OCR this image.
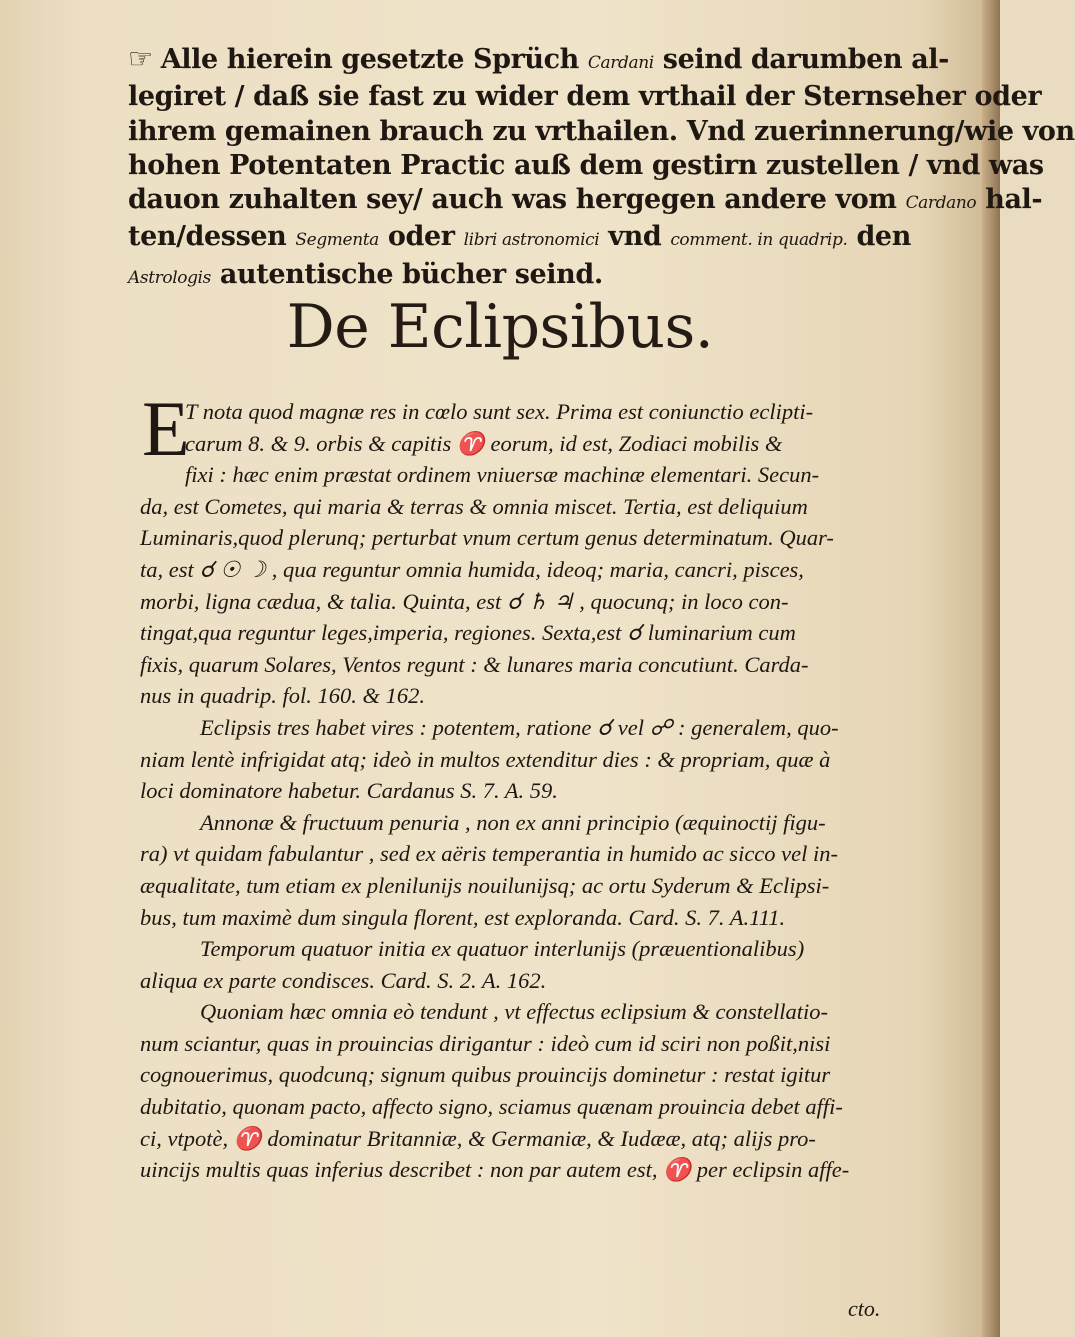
☞ Alle hierein gesetzte Sprüch Cardani seind darumben al-
legiret / daß sie fast zu wider dem vrthail der Sternseher oder
ihrem gemainen brauch zu vrthailen. Vnd zuerinnerung/wie von
hohen Potentaten Practic auß dem gestirn zustellen / vnd was
dauon zuhalten sey/ auch was hergegen andere vom Cardano hal-
ten/dessen Segmenta oder libri astronomici vnd comment. in quadrip. den
Astrologis autentische bücher seind.
De Eclipsibus.
E
T nota quod magnæ res in cœlo sunt sex. Prima est coniunctio eclipti-
carum 8. & 9. orbis & capitis ♈ eorum, id est, Zodiaci mobilis &
fixi : hæc enim præstat ordinem vniuersæ machinæ elementari. Secun-
da, est Cometes, qui maria & terras & omnia miscet. Tertia, est deliquium
Luminaris,quod plerunq; perturbat vnum certum genus determinatum. Quar-
ta, est ☌ ☉ ☽ , qua reguntur omnia humida, ideoq; maria, cancri, pisces,
morbi, ligna cædua, & talia. Quinta, est ☌ ♄ ♃ , quocunq; in loco con-
tingat,qua reguntur leges,imperia, regiones. Sexta,est ☌ luminarium cum
fixis, quarum Solares, Ventos regunt : & lunares maria concutiunt. Carda-
nus in quadrip. fol. 160. & 162.
Eclipsis tres habet vires : potentem, ratione ☌ vel ☍ : generalem, quo-
niam lentè infrigidat atq; ideò in multos extenditur dies : & propriam, quæ à
loci dominatore habetur. Cardanus S. 7. A. 59.
Annonæ & fructuum penuria , non ex anni principio (æquinoctij figu-
ra) vt quidam fabulantur , sed ex aëris temperantia in humido ac sicco vel in-
æqualitate, tum etiam ex plenilunijs nouilunijsq; ac ortu Syderum & Eclipsi-
bus, tum maximè dum singula florent, est exploranda. Card. S. 7. A.111.
Temporum quatuor initia ex quatuor interlunijs (præuentionalibus)
aliqua ex parte condisces. Card. S. 2. A. 162.
Quoniam hæc omnia eò tendunt , vt effectus eclipsium & constellatio-
num sciantur, quas in prouincias dirigantur : ideò cum id sciri non poßit,nisi
cognouerimus, quodcunq; signum quibus prouincijs dominetur : restat igitur
dubitatio, quonam pacto, affecto signo, sciamus quænam prouincia debet affi-
ci, vtpotè, ♈ dominatur Britanniæ, & Germaniæ, & Iudææ, atq; alijs pro-
uincijs multis quas inferius describet : non par autem est, ♈ per eclipsin affe-
cto.
